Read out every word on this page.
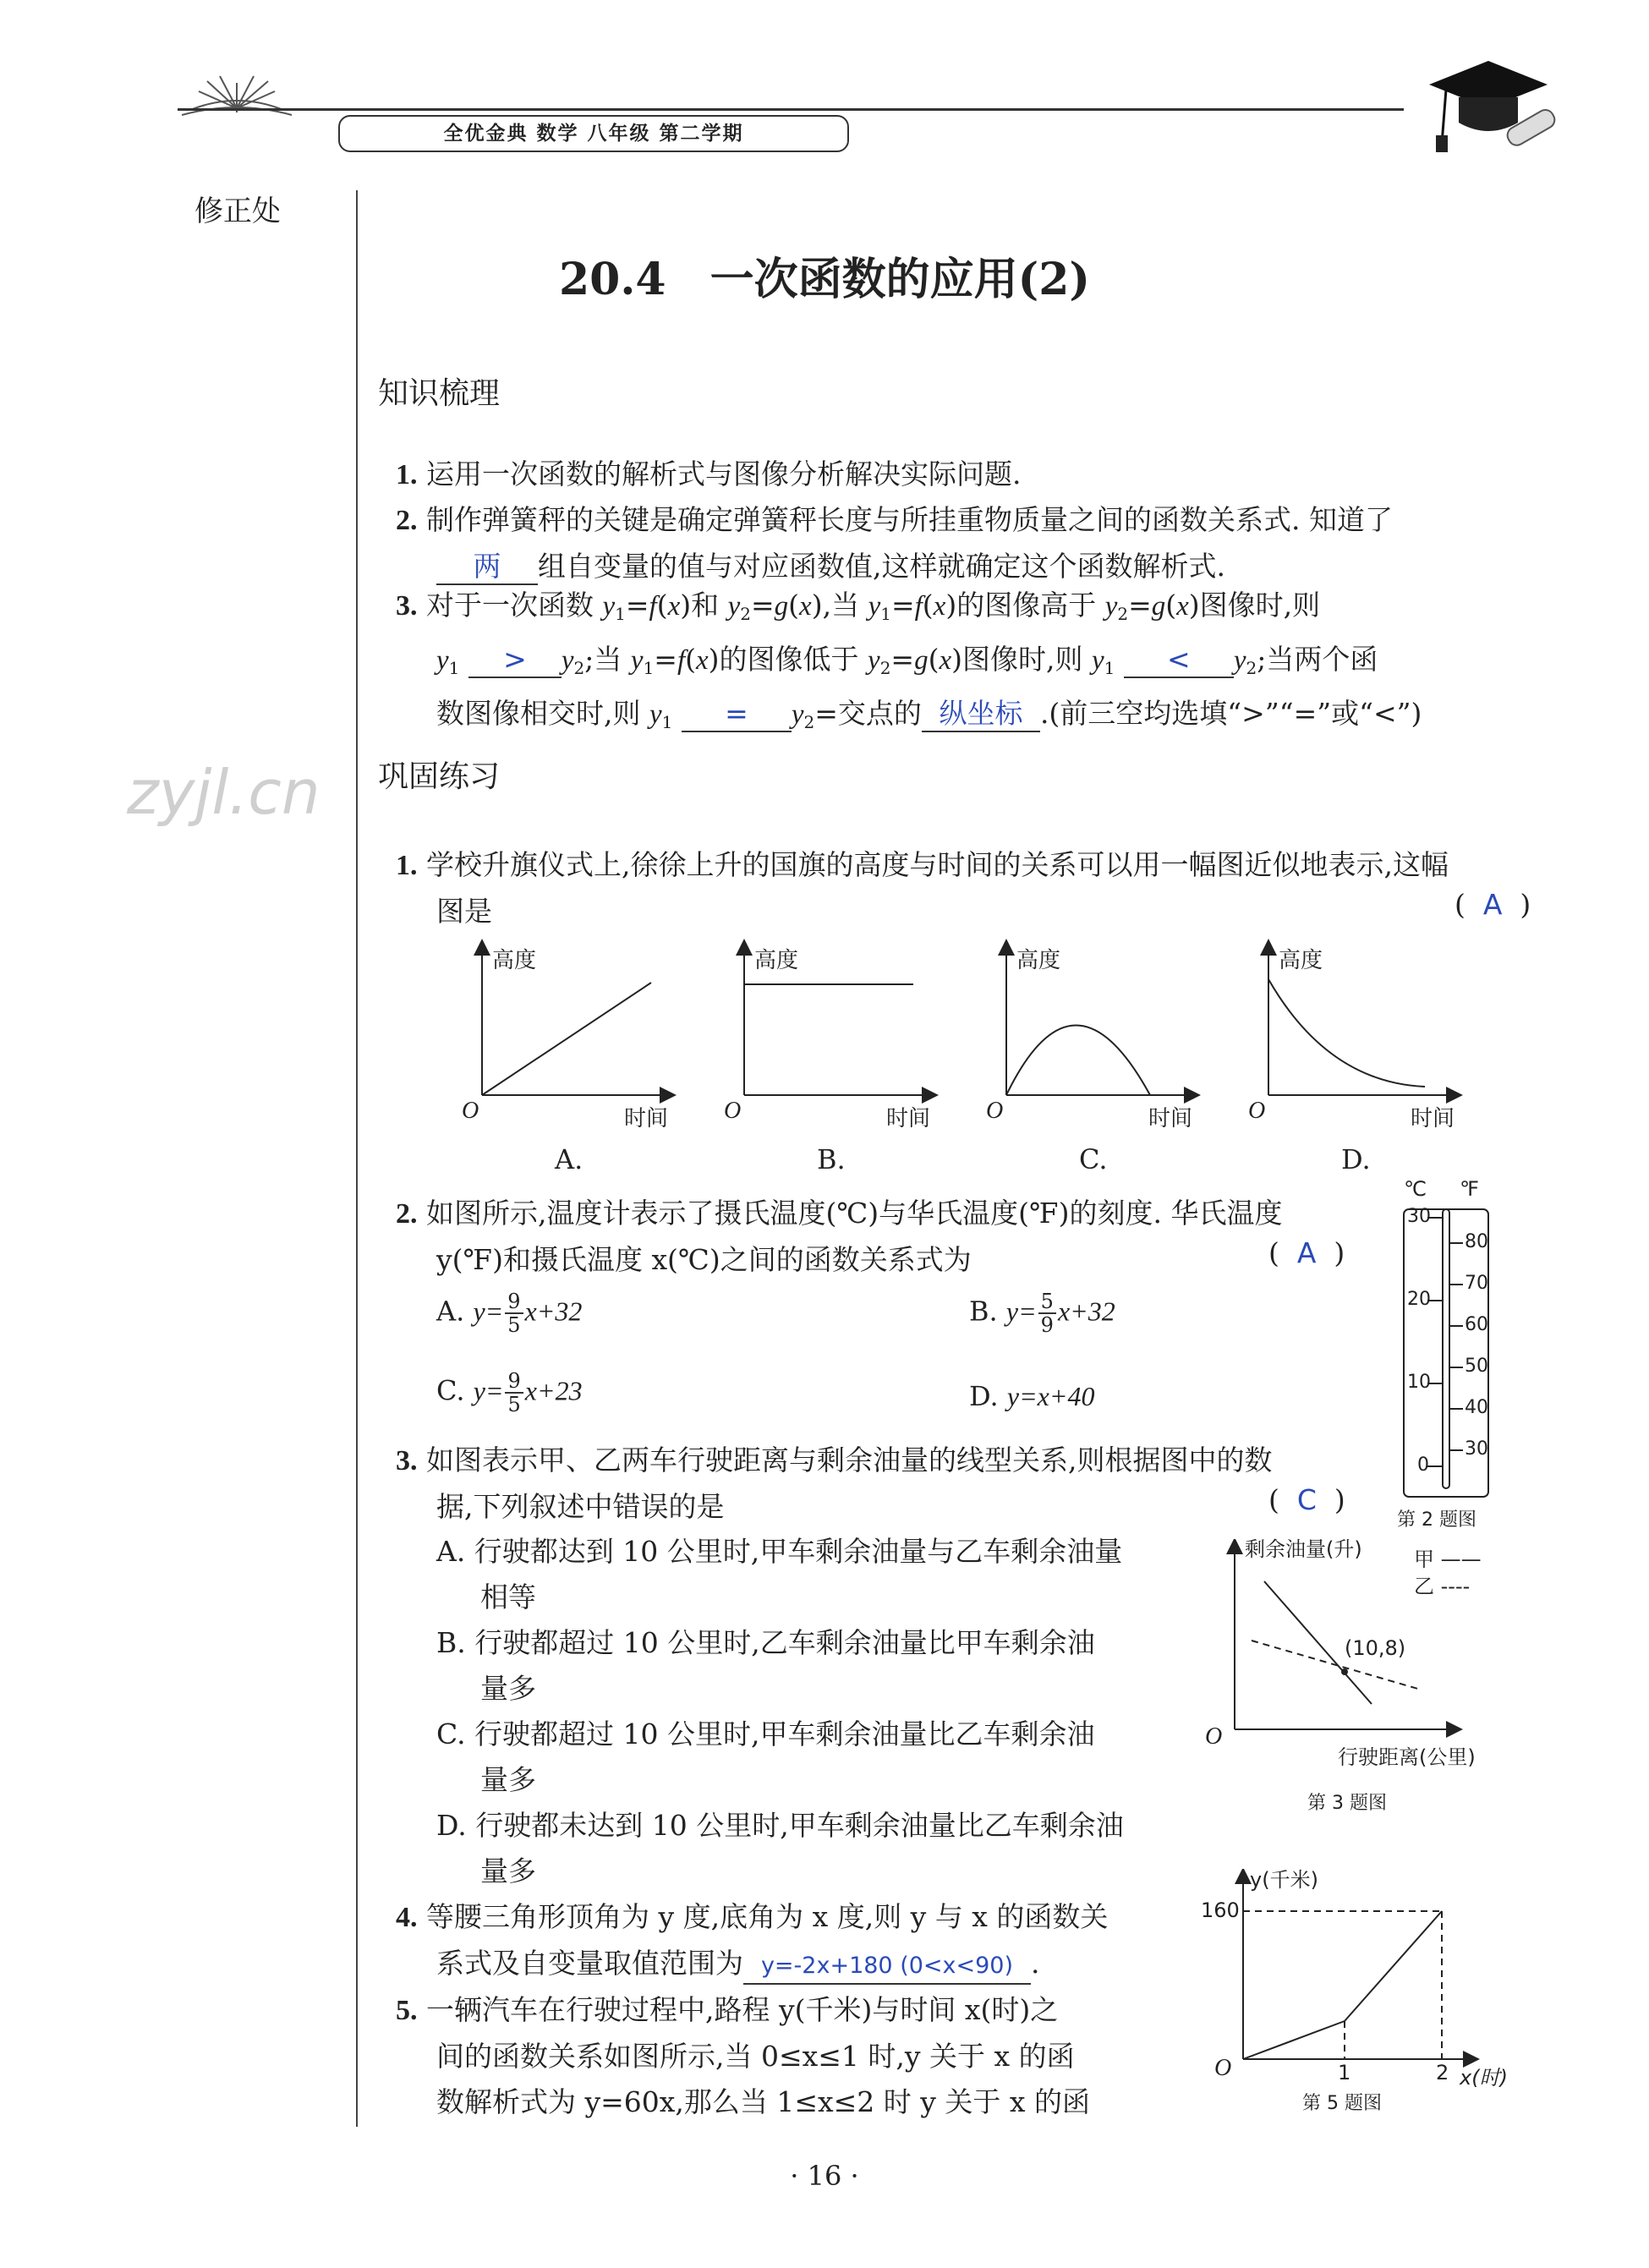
全优金典 数学 八年级 第二学期
修正处
zyjl.cn
20.4　一次函数的应用(2)
知识梳理
1. 运用一次函数的解析式与图像分析解决实际问题.
2. 制作弹簧秤的关键是确定弹簧秤长度与所挂重物质量之间的函数关系式. 知道了
两 组自变量的值与对应函数值,这样就确定这个函数解析式.
3. 对于一次函数 $y_1=f(x)$和 $y_2=g(x)$,当 $y_1=f(x)$的图像高于 $y_2=g(x)$图像时,则
$y_1 > y_2$;当 $y_1=f(x)$的图像低于 $y_2=g(x)$图像时,则 $y_1 < y_2$;当两个函
数图像相交时,则 $y_1 = y_2=$交点的 纵坐标 .(前三空均选填“>”“=”或“<”)
巩固练习
1. 学校升旗仪式上,徐徐上升的国旗的高度与时间的关系可以用一幅图近似地表示,这幅
图是	(  A  )
高度	高度	高度	高度
时间	时间	时间	时间
O	O	O	O
A.	B.	C.	D.
2. 如图所示,温度计表示了摄氏温度(℃)与华氏温度(℉)的刻度. 华氏温度
y(℉)和摄氏温度 x(℃)之间的函数关系式为	(  A  )
A. $y= \frac{9}{5} x+32$	B. $y= \frac{5}{9} x+32$
C. $y= \frac{9}{5} x+23$	D. y=x+40
℃ ℉
30
20
10
0
80
70
60
50
40
30
第 2 题图
3. 如图表示甲、乙两车行驶距离与剩余油量的线型关系,则根据图中的数
据,下列叙述中错误的是	(  C  )
A. 行驶都达到 10 公里时,甲车剩余油量与乙车剩余油量
相等
B. 行驶都超过 10 公里时,乙车剩余油量比甲车剩余油
量多
C. 行驶都超过 10 公里时,甲车剩余油量比乙车剩余油
量多
D. 行驶都未达到 10 公里时,甲车剩余油量比乙车剩余油
量多
剩余油量(升)	甲 ——
乙 ----
(10,8)
O
行驶距离(公里)
第 3 题图
4. 等腰三角形顶角为 y 度,底角为 x 度,则 y 与 x 的函数关
系式及自变量取值范围为 y=-2x+180 (0<x<90) .
5. 一辆汽车在行驶过程中,路程 y(千米)与时间 x(时)之
间的函数关系如图所示,当 0≤x≤1 时,y 关于 x 的函
数解析式为 y=60x,那么当 1≤x≤2 时 y 关于 x 的函
y(千米)
160
O	1	2 x(时)
第 5 题图
· 16 ·
